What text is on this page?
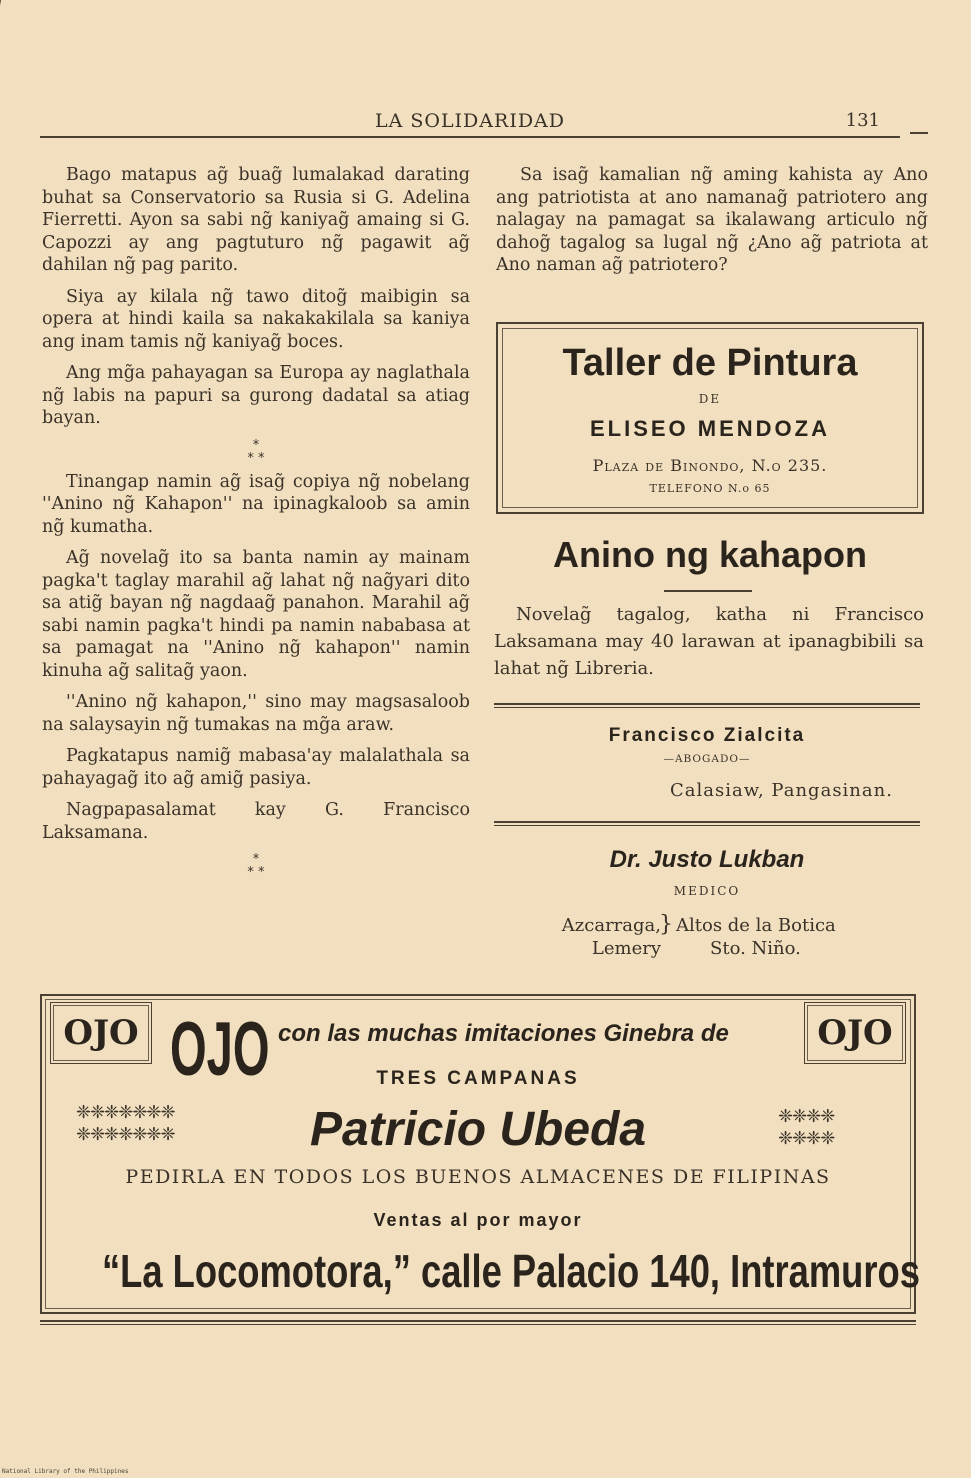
LA SOLIDARIDAD	131

Bago matapus ag̃ buag̃ lumalakad darating buhat sa Conservatorio sa Rusia si G. Adelina Fierretti. Ayon sa sabi ng̃ kaniyag̃ amaing si G. Capozzi ay ang pagtuturo ng̃ pagawit ag̃ dahilan ng̃ pag parito.

Siya ay kilala ng̃ tawo ditog̃ maibigin sa opera at hindi kaila sa nakakakilala sa kaniya ang inam tamis ng̃ kaniyag̃ boces.

Ang mg̃a pahayagan sa Europa ay naglathala ng̃ labis na papuri sa gurong dadatal sa atiag bayan.

*
* *

Tinangap namin ag̃ isag̃ copiya ng̃ nobelang ''Anino ng̃ Kahapon'' na ipinagkaloob sa amin ng̃ kumatha.

Ag̃ novelag̃ ito sa banta namin ay mainam pagka't taglay marahil ag̃ lahat ng̃ nag̃yari dito sa atig̃ bayan ng̃ nagdaag̃ panahon. Marahil ag̃ sabi namin pagka't hindi pa namin nababasa at sa pamagat na ''Anino ng̃ kahapon'' namin kinuha ag̃ salitag̃ yaon.

''Anino ng̃ kahapon,'' sino may magsasaloob na salaysayin ng̃ tumakas na mg̃a araw.

Pagkatapus namig̃ mabasa'ay malalathala sa pahayagag̃ ito ag̃ amig̃ pasiya.

Nagpapasalamat kay G. Francisco Laksamana.

*
* *

Sa isag̃ kamalian ng̃ aming kahista ay Ano ang patriotista at ano namanag̃ patriotero ang nalagay na pamagat sa ikalawang articulo ng̃ dahog̃ tagalog sa lugal ng̃ ¿Ano ag̃ patriota at Ano naman ag̃ patriotero?

Taller de Pintura
DE
ELISEO MENDOZA
Plaza de Binondo, N.o 235.
TELEFONO N.o 65
Anino ng kahapon

Novelag̃ tagalog, katha ni Francisco Laksamana may 40 larawan at ipanagbibili sa lahat ng̃ Libreria.

Francisco Zialcita
—ABOGADO—
Calasiaw, Pangasinan.
Dr. Justo Lukban
MEDICO
Azcarraga,
Lemery
} Altos de la Botica
Sto. Niño.
OJO	OJO
OJO con las muchas imitaciones Ginebra de
TRES CAMPANAS
❈❈❈❈❈❈❈
❈❈❈❈❈❈❈	Patricio Ubeda	❈❈❈❈
❈❈❈❈
PEDIRLA EN TODOS LOS BUENOS ALMACENES DE FILIPINAS
Ventas al por mayor
“La Locomotora,” calle Palacio 140, Intramuros
National Library of the Philippines
